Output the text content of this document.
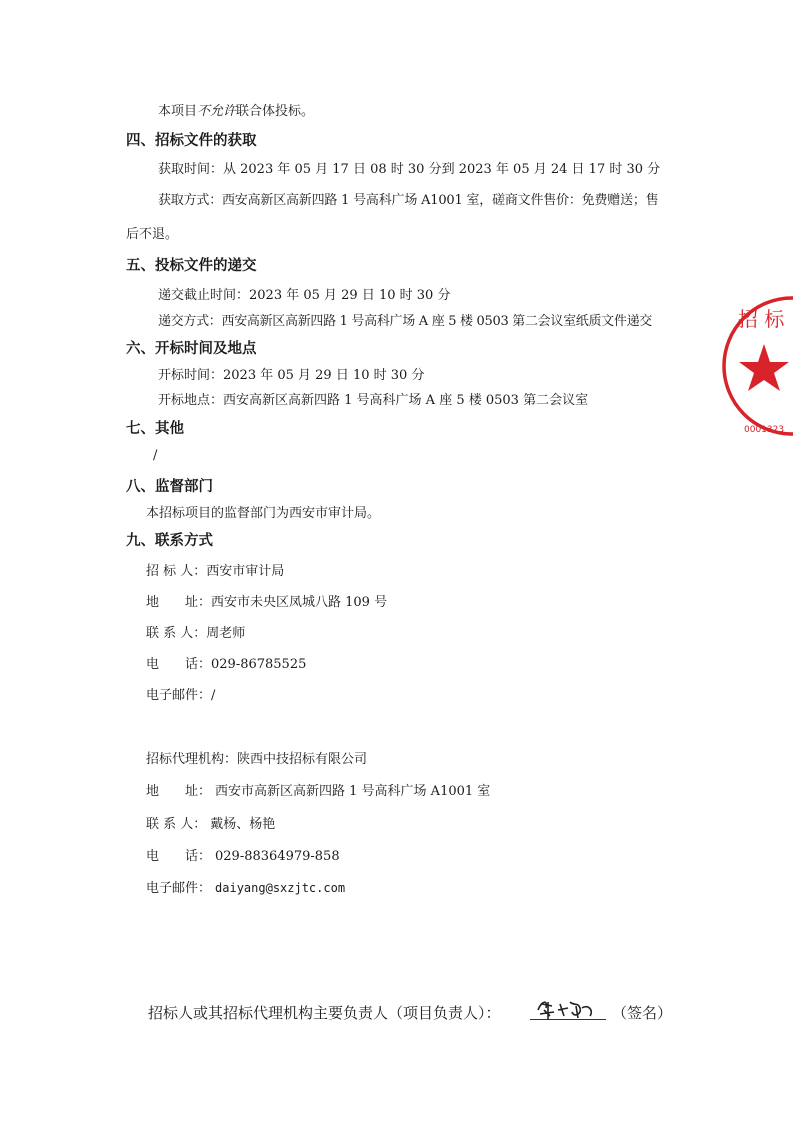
本项目不允许联合体投标。
四、招标文件的获取
获取时间：从 2023 年 05 月 17 日 08 时 30 分到 2023 年 05 月 24 日 17 时 30 分
获取方式：西安高新区高新四路 1 号高科广场 A1001 室，磋商文件售价：免费赠送；售
后不退。
五、投标文件的递交
递交截止时间：2023 年 05 月 29 日 10 时 30 分
递交方式：西安高新区高新四路 1 号高科广场 A 座 5 楼 0503 第二会议室纸质文件递交
六、开标时间及地点
开标时间：2023 年 05 月 29 日 10 时 30 分
开标地点：西安高新区高新四路 1 号高科广场 A 座 5 楼 0503 第二会议室
七、其他
/
八、监督部门
本招标项目的监督部门为西安市审计局。
九、联系方式
招 标 人：西安市审计局
地　　址：西安市未央区凤城八路 109 号
联 系 人：周老师
电　　话：029-86785525
电子邮件：/
招标代理机构：陕西中技招标有限公司
地　　址： 西安市高新区高新四路 1 号高科广场 A1001 室
联 系 人： 戴杨、杨艳
电　　话： 029-88364979-858
电子邮件： daiyang@sxzjtc.com
招标人或其招标代理机构主要负责人（项目负责人）：	（签名）
招 标
0001323
